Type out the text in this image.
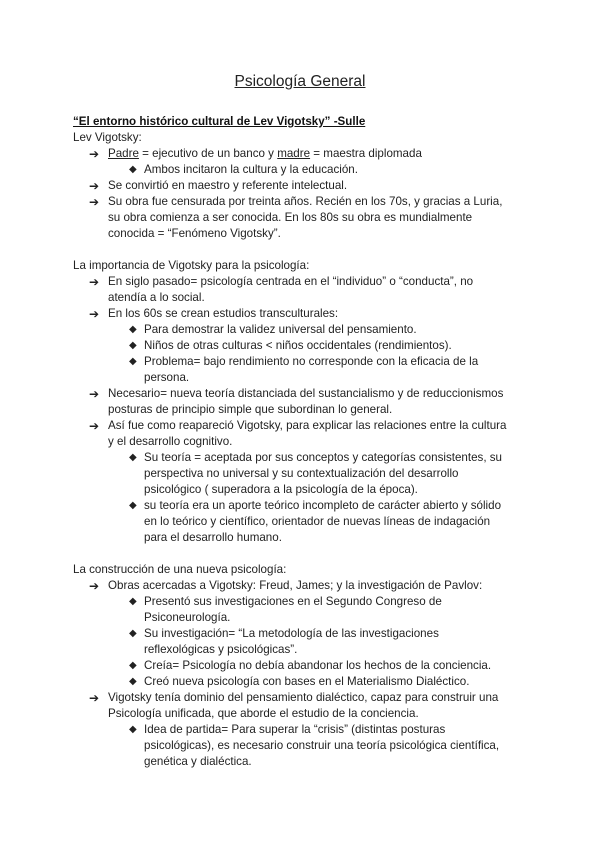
Psicología General
“El entorno histórico cultural de Lev Vigotsky” -Sulle
Lev Vigotsky:
➔ Padre = ejecutivo de un banco y madre = maestra diplomada
◆ Ambos incitaron la cultura y la educación.
➔ Se convirtió en maestro y referente intelectual.
➔ Su obra fue censurada por treinta años. Recién en los 70s, y gracias a Luria,
su obra comienza a ser conocida. En los 80s su obra es mundialmente
conocida = “Fenómeno Vigotsky”.
La importancia de Vigotsky para la psicología:
➔ En siglo pasado= psicología centrada en el “individuo” o “conducta”, no
atendía a lo social.
➔ En los 60s se crean estudios transculturales:
◆ Para demostrar la validez universal del pensamiento.
◆ Niños de otras culturas < niños occidentales (rendimientos).
◆ Problema= bajo rendimiento no corresponde con la eficacia de la
persona.
➔ Necesario= nueva teoría distanciada del sustancialismo y de reduccionismos
posturas de principio simple que subordinan lo general.
➔ Así fue como reapareció Vigotsky, para explicar las relaciones entre la cultura
y el desarrollo cognitivo.
◆ Su teoría = aceptada por sus conceptos y categorías consistentes, su
perspectiva no universal y su contextualización del desarrollo
psicológico ( superadora a la psicología de la época).
◆ su teoría era un aporte teórico incompleto de carácter abierto y sólido
en lo teórico y científico, orientador de nuevas líneas de indagación
para el desarrollo humano.
La construcción de una nueva psicología:
➔ Obras acercadas a Vigotsky: Freud, James; y la investigación de Pavlov:
◆ Presentó sus investigaciones en el Segundo Congreso de
Psiconeurología.
◆ Su investigación= “La metodología de las investigaciones
reflexológicas y psicológicas”.
◆ Creía= Psicología no debía abandonar los hechos de la conciencia.
◆ Creó nueva psicología con bases en el Materialismo Dialéctico.
➔ Vigotsky tenía dominio del pensamiento dialéctico, capaz para construir una
Psicología unificada, que aborde el estudio de la conciencia.
◆ Idea de partida= Para superar la “crisis” (distintas posturas
psicológicas), es necesario construir una teoría psicológica científica,
genética y dialéctica.
